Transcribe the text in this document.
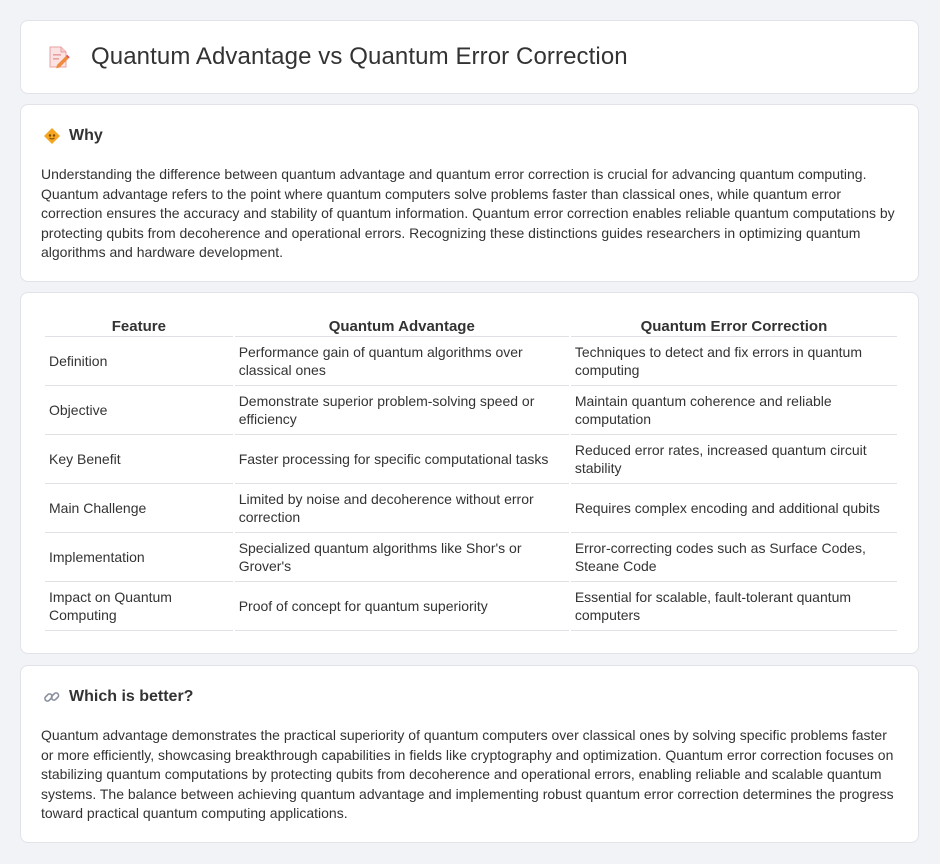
Quantum Advantage vs Quantum Error Correction
Why

Understanding the difference between quantum advantage and quantum error correction is crucial for advancing quantum computing. Quantum advantage refers to the point where quantum computers solve problems faster than classical ones, while quantum error correction ensures the accuracy and stability of quantum information. Quantum error correction enables reliable quantum computations by protecting qubits from decoherence and operational errors. Recognizing these distinctions guides researchers in optimizing quantum algorithms and hardware development.

Feature	Quantum Advantage	Quantum Error Correction
Definition	Performance gain of quantum algorithms over classical ones	Techniques to detect and fix errors in quantum computing
Objective	Demonstrate superior problem-solving speed or efficiency	Maintain quantum coherence and reliable computation
Key Benefit	Faster processing for specific computational tasks	Reduced error rates, increased quantum circuit stability
Main Challenge	Limited by noise and decoherence without error correction	Requires complex encoding and additional qubits
Implementation	Specialized quantum algorithms like Shor's or Grover's	Error-correcting codes such as Surface Codes, Steane Code
Impact on Quantum Computing	Proof of concept for quantum superiority	Essential for scalable, fault-tolerant quantum computers
Which is better?

Quantum advantage demonstrates the practical superiority of quantum computers over classical ones by solving specific problems faster or more efficiently, showcasing breakthrough capabilities in fields like cryptography and optimization. Quantum error correction focuses on stabilizing quantum computations by protecting qubits from decoherence and operational errors, enabling reliable and scalable quantum systems. The balance between achieving quantum advantage and implementing robust quantum error correction determines the progress toward practical quantum computing applications.
